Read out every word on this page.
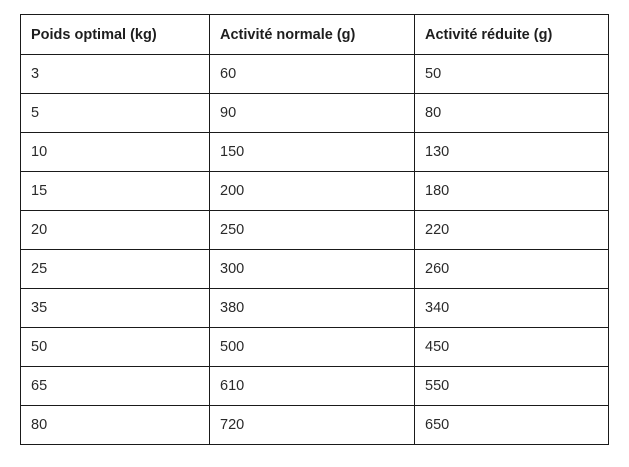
Poids optimal (kg)	Activité normale (g)	Activité réduite (g)
3	60	50
5	90	80
10	150	130
15	200	180
20	250	220
25	300	260
35	380	340
50	500	450
65	610	550
80	720	650
